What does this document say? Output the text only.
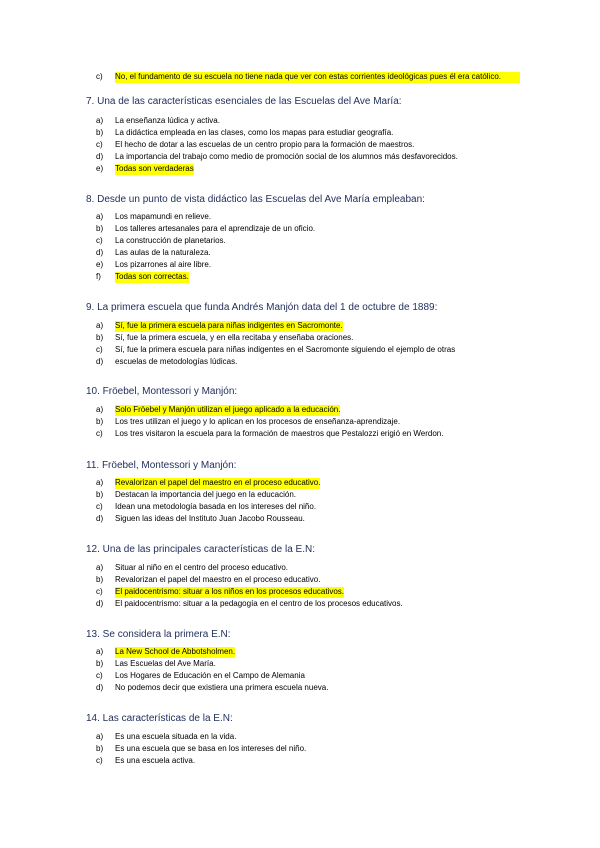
c)	No, el fundamento de su escuela no tiene nada que ver con estas corrientes ideológicas pues él era católico.
7. Una de las características esenciales de las Escuelas del Ave María:
a)	La enseñanza lúdica y activa.
b)	La didáctica empleada en las clases, como los mapas para estudiar geografía.
c)	El hecho de dotar a las escuelas de un centro propio para la formación de maestros.
d)	La importancia del trabajo como medio de promoción social de los alumnos más desfavorecidos.
e)	Todas son verdaderas
8. Desde un punto de vista didáctico las Escuelas del Ave María empleaban:
a)	Los mapamundi en relieve.
b)	Los talleres artesanales para el aprendizaje de un oficio.
c)	La construcción de planetarios.
d)	Las aulas de la naturaleza.
e)	Los pizarrones al aire libre.
f)	Todas son correctas.
9. La primera escuela que funda Andrés Manjón data del 1 de octubre de 1889:
a)	Sí, fue la primera escuela para niñas indigentes en Sacromonte.
b)	Sí, fue la primera escuela, y en ella recitaba y enseñaba oraciones.
c)	Sí, fue la primera escuela para niñas indigentes en el Sacromonte siguiendo el ejemplo de otras
d)	escuelas de metodologías lúdicas.
10. Fröebel, Montessori y Manjón:
a)	Solo Fröebel y Manjón utilizan el juego aplicado a la educación.
b)	Los tres utilizan el juego y lo aplican en los procesos de enseñanza-aprendizaje.
c)	Los tres visitaron la escuela para la formación de maestros que Pestalozzi erigió en Werdon.
11. Fröebel, Montessori y Manjón:
a)	Revalorizan el papel del maestro en el proceso educativo.
b)	Destacan la importancia del juego en la educación.
c)	Idean una metodología basada en los intereses del niño.
d)	Siguen las ideas del Instituto Juan Jacobo Rousseau.
12. Una de las principales características de la E.N:
a)	Situar al niño en el centro del proceso educativo.
b)	Revalorizan el papel del maestro en el proceso educativo.
c)	El paidocentrismo: situar a los niños en los procesos educativos.
d)	El paidocentrismo: situar a la pedagogía en el centro de los procesos educativos.
13. Se considera la primera E.N:
a)	La New School de Abbotsholmen.
b)	Las Escuelas del Ave María.
c)	Los Hogares de Educación en el Campo de Alemania
d)	No podemos decir que existiera una primera escuela nueva.
14. Las características de la E.N:
a)	Es una escuela situada en la vida.
b)	Es una escuela que se basa en los intereses del niño.
c)	Es una escuela activa.
